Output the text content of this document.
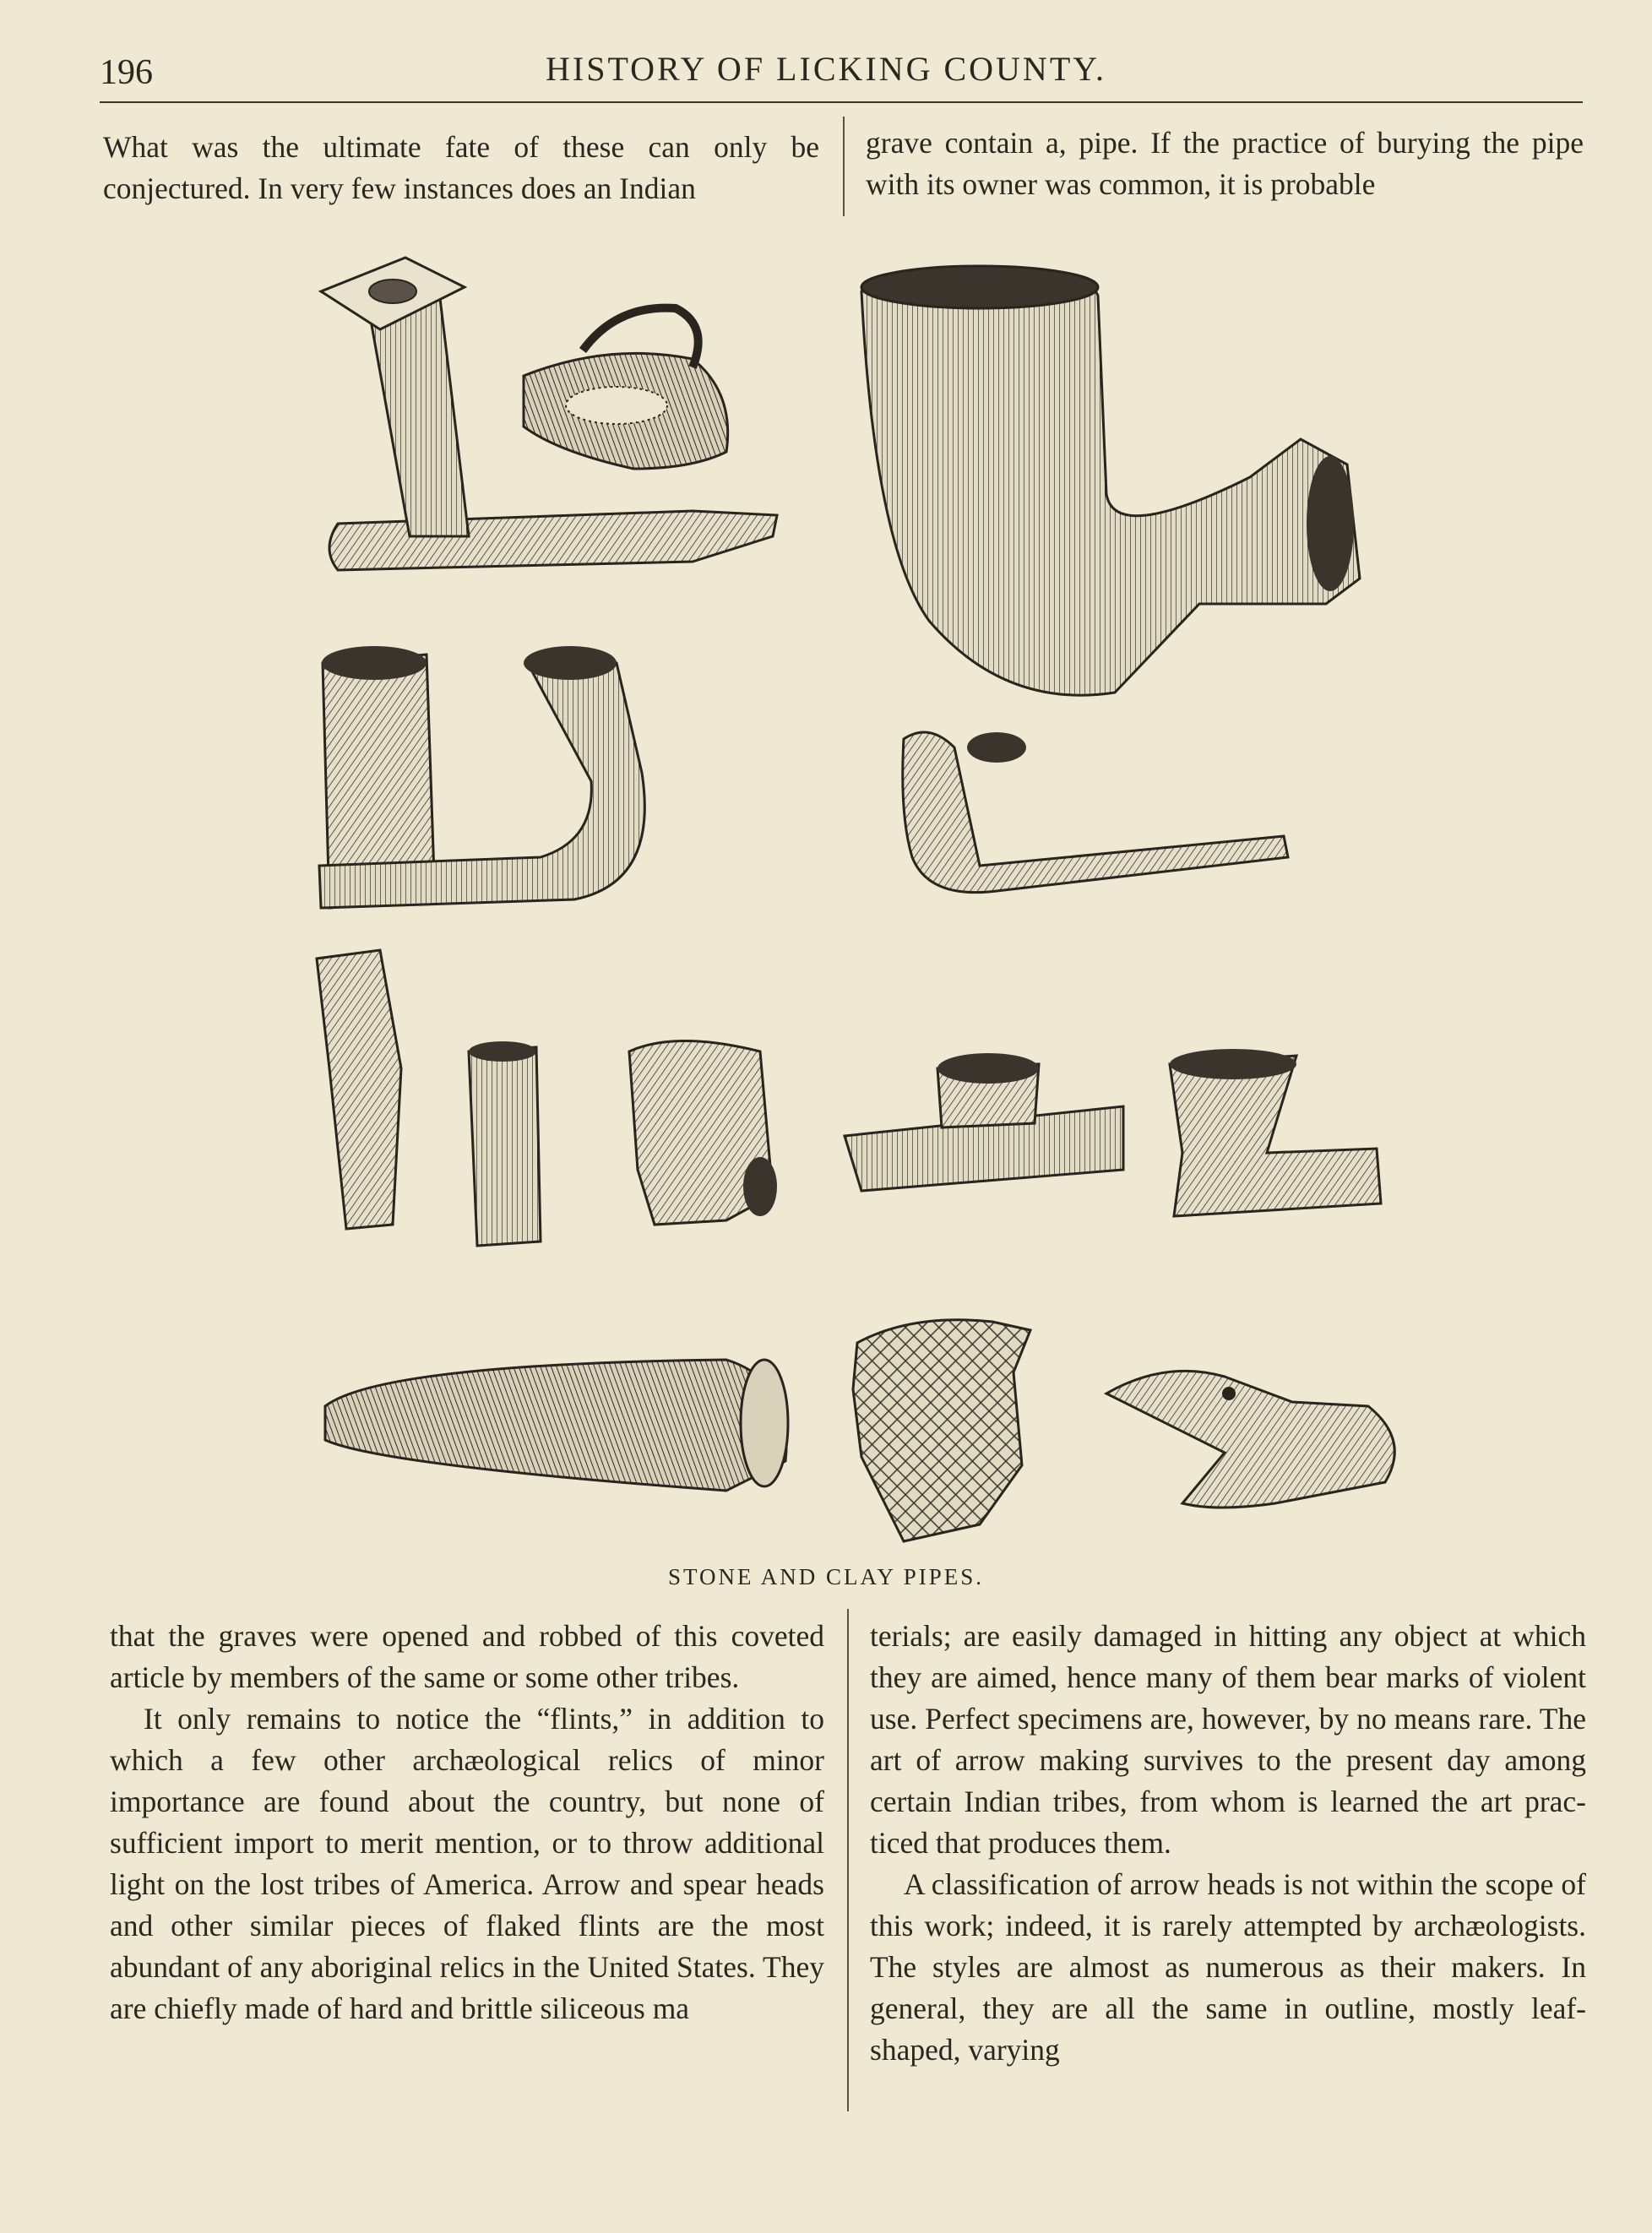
196	HISTORY OF LICKING COUNTY.

What was the ultimate fate of these can only be conjectured. In very few instances does an Indian

grave contain a, pipe. If the practice of burying the pipe with its owner was common, it is probable

STONE AND CLAY PIPES.

that the graves were opened and robbed of this coveted article by members of the same or some other tribes.

It only remains to notice the “flints,” in addition to which a few other archæological relics of minor importance are found about the country, but none of sufficient import to merit mention, or to throw additional light on the lost tribes of America. Arrow and spear heads and other similar pieces of flaked flints are the most abundant of any aboriginal relics in the United States. They are chiefly made of hard and brittle siliceous ma

terials; are easily damaged in hitting any object at which they are aimed, hence many of them bear marks of violent use. Perfect specimens are, however, by no means rare. The art of arrow making survives to the present day among certain Indian tribes, from whom is learned the art practiced that produces them.

A classification of arrow heads is not within the scope of this work; indeed, it is rarely attempted by archæologists. The styles are almost as numerous as their makers. In general, they are all the same in outline, mostly leaf-shaped, varying
